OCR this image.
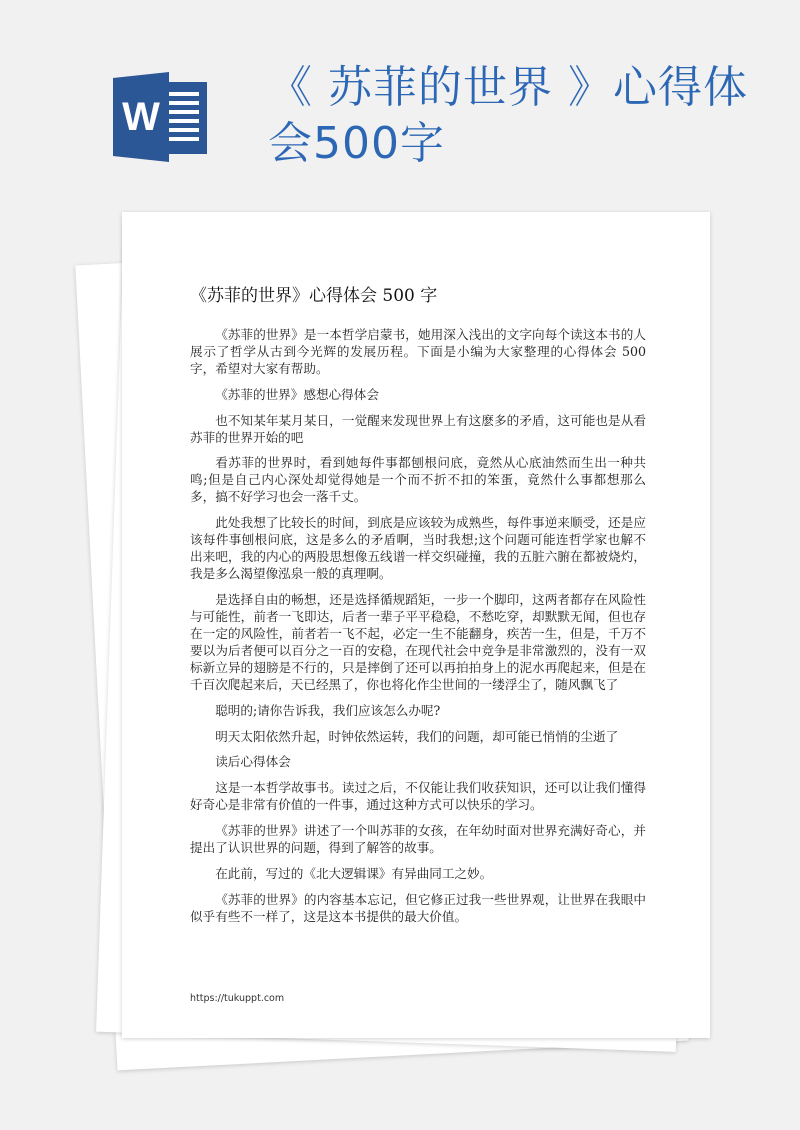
W
《 苏菲的世界 》心得体会500字
《苏菲的世界》心得体会 500 字

《苏菲的世界》是一本哲学启蒙书，她用深入浅出的文字向每个读这本书的人展示了哲学从古到今光辉的发展历程。下面是小编为大家整理的心得体会 500 字，希望对大家有帮助。

《苏菲的世界》感想心得体会

也不知某年某月某日，一觉醒来发现世界上有这麽多的矛盾，这可能也是从看苏菲的世界开始的吧

看苏菲的世界时，看到她每件事都刨根问底，竟然从心底油然而生出一种共鸣;但是自己内心深处却觉得她是一个而不折不扣的笨蛋，竟然什么事都想那么多，搞不好学习也会一落千丈。

此处我想了比较长的时间，到底是应该较为成熟些，每件事逆来顺受，还是应该每件事刨根问底，这是多么的矛盾啊，当时我想;这个问题可能连哲学家也解不出来吧，我的内心的两股思想像五线谱一样交织碰撞，我的五脏六腑在都被烧灼，我是多么渴望像泓泉一般的真理啊。

是选择自由的畅想，还是选择循规蹈矩，一步一个脚印，这两者都存在风险性与可能性，前者一飞即达，后者一辈子平平稳稳，不愁吃穿，却默默无闻，但也存在一定的风险性，前者若一飞不起，必定一生不能翻身，疾苦一生，但是，千万不要以为后者便可以百分之一百的安稳，在现代社会中竞争是非常激烈的，没有一双标新立异的翅膀是不行的，只是摔倒了还可以再拍拍身上的泥水再爬起来，但是在千百次爬起来后，天已经黑了，你也将化作尘世间的一缕浮尘了，随风飘飞了

聪明的;请你告诉我，我们应该怎么办呢?

明天太阳依然升起，时钟依然运转，我们的问题，却可能已悄悄的尘逝了

读后心得体会

这是一本哲学故事书。读过之后，不仅能让我们收获知识，还可以让我们懂得好奇心是非常有价值的一件事，通过这种方式可以快乐的学习。

《苏菲的世界》讲述了一个叫苏菲的女孩，在年幼时面对世界充满好奇心，并提出了认识世界的问题，得到了解答的故事。

在此前，写过的《北大逻辑课》有异曲同工之妙。

《苏菲的世界》的内容基本忘记，但它修正过我一些世界观，让世界在我眼中似乎有些不一样了，这是这本书提供的最大价值。

https://tukuppt.com
